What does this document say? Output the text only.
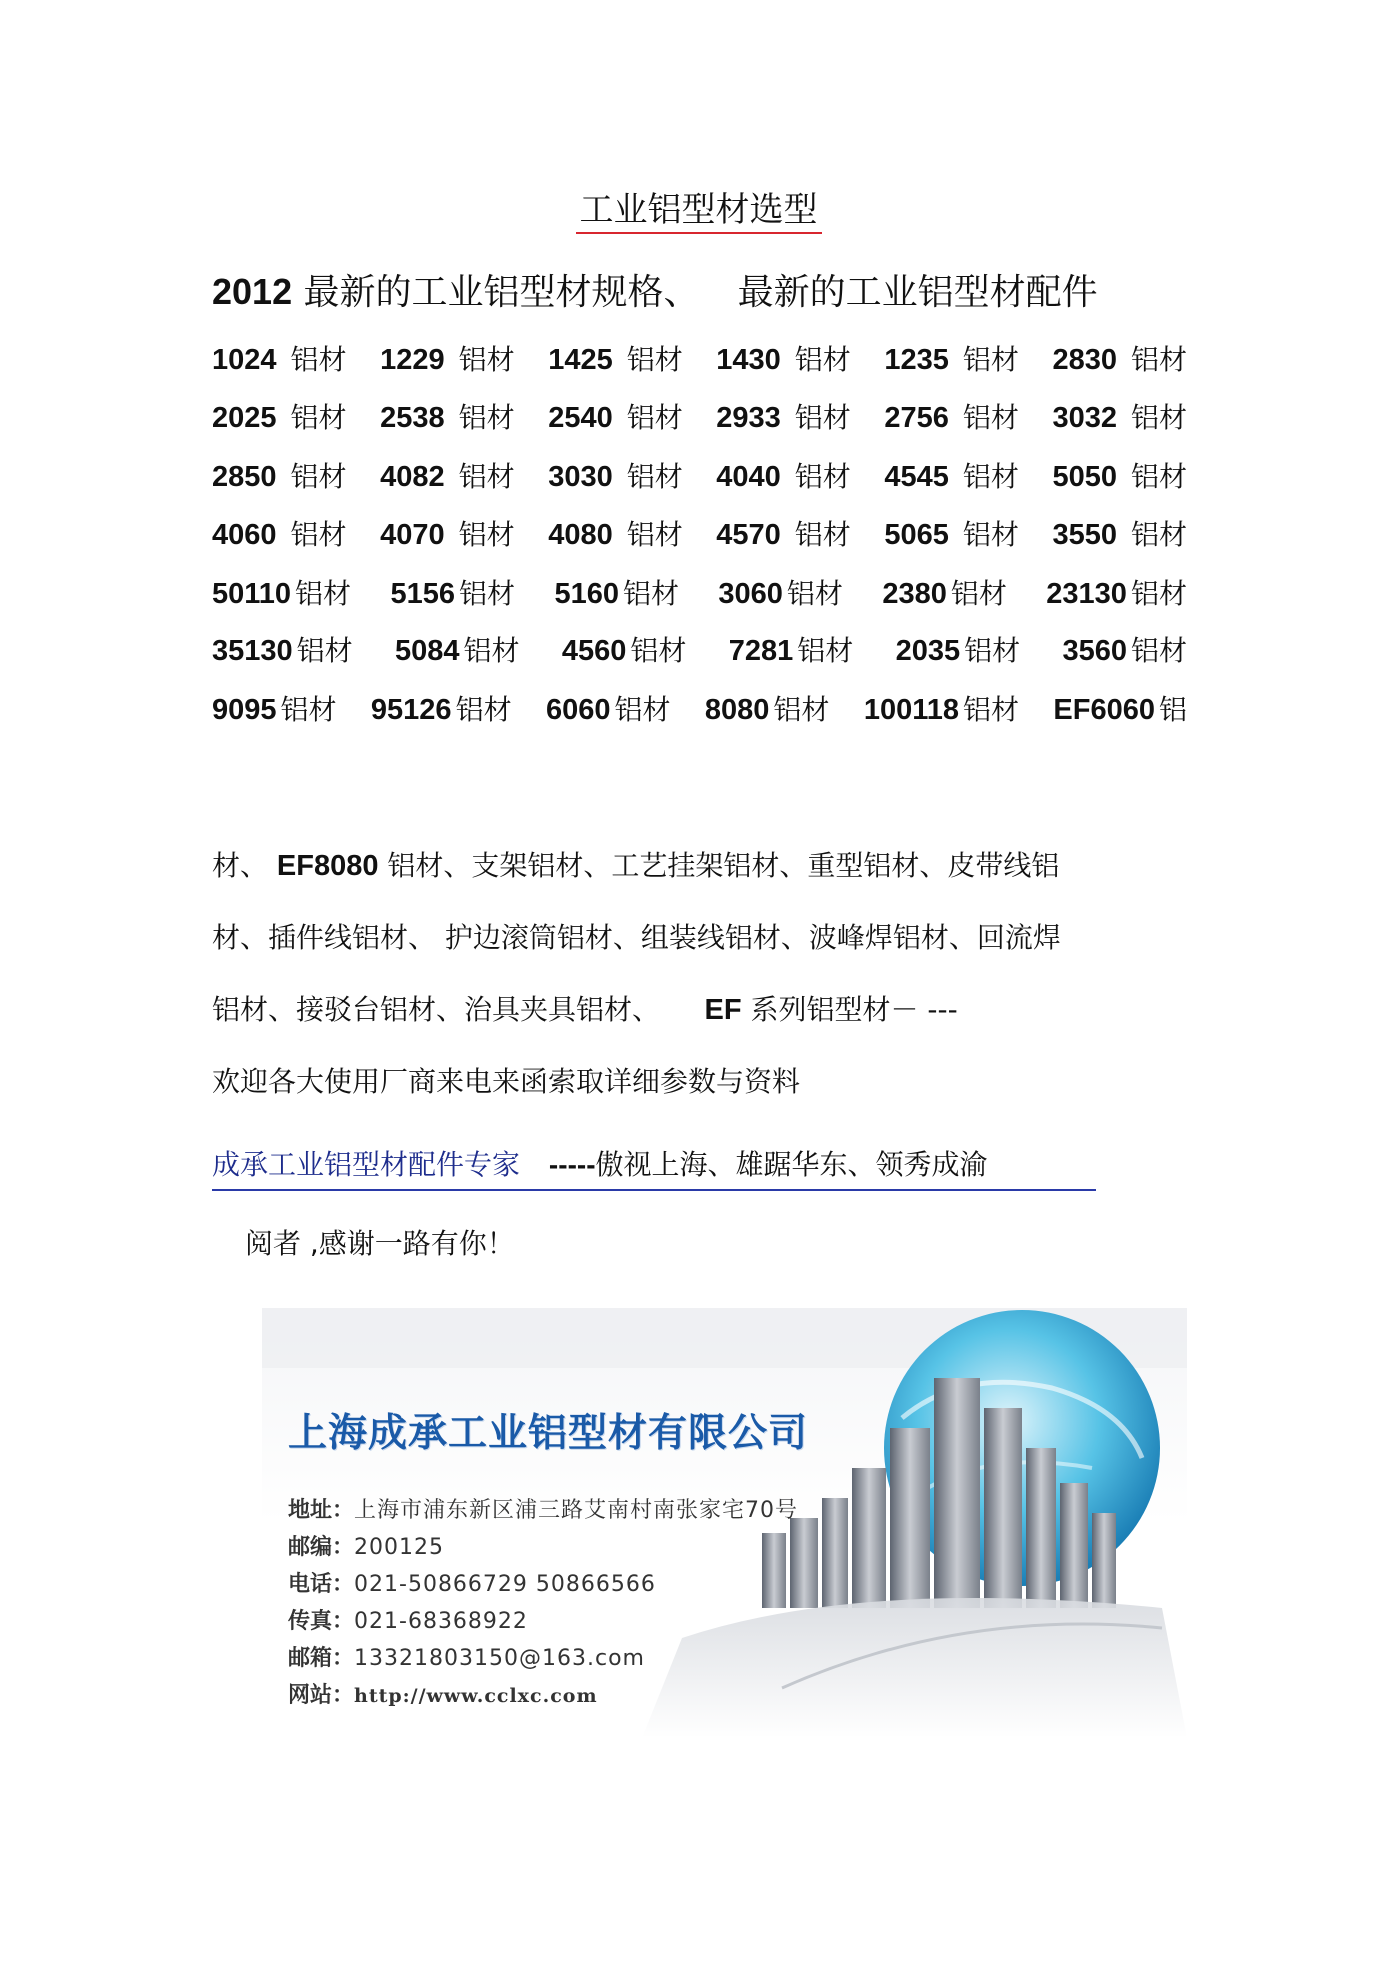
工业铝型材选型
2012 最新的工业铝型材规格、 最新的工业铝型材配件
1024 铝材 1229 铝材 1425 铝材 1430 铝材 1235 铝材 2830 铝材
2025 铝材 2538 铝材 2540 铝材 2933 铝材 2756 铝材 3032 铝材
2850 铝材 4082 铝材 3030 铝材 4040 铝材 4545 铝材 5050 铝材
4060 铝材 4070 铝材 4080 铝材 4570 铝材 5065 铝材 3550 铝材
50110 铝材 5156 铝材 5160 铝材 3060 铝材 2380 铝材 23130 铝材
35130 铝材 5084 铝材 4560 铝材 7281 铝材 2035 铝材 3560 铝材
9095 铝材 95126 铝材 6060 铝材 8080 铝材 100118 铝材 EF6060 铝
材、 EF8080 铝材、支架铝材、工艺挂架铝材、重型铝材、皮带线铝
材、插件线铝材、 护边滚筒铝材、组装线铝材、波峰焊铝材、回流焊
铝材、接驳台铝材、治具夹具铝材、     EF 系列铝型材－ ---
欢迎各大使用厂商来电来函索取详细参数与资料
成承工业铝型材配件专家 -----傲视上海、雄踞华东、领秀成渝
阅者 ,感谢一路有你！
上海成承工业铝型材有限公司
地址：上海市浦东新区浦三路艾南村南张家宅70号
邮编：200125
电话：021-50866729 50866566
传真：021-68368922
邮箱：13321803150@163.com
网站：http://www.cclxc.com
